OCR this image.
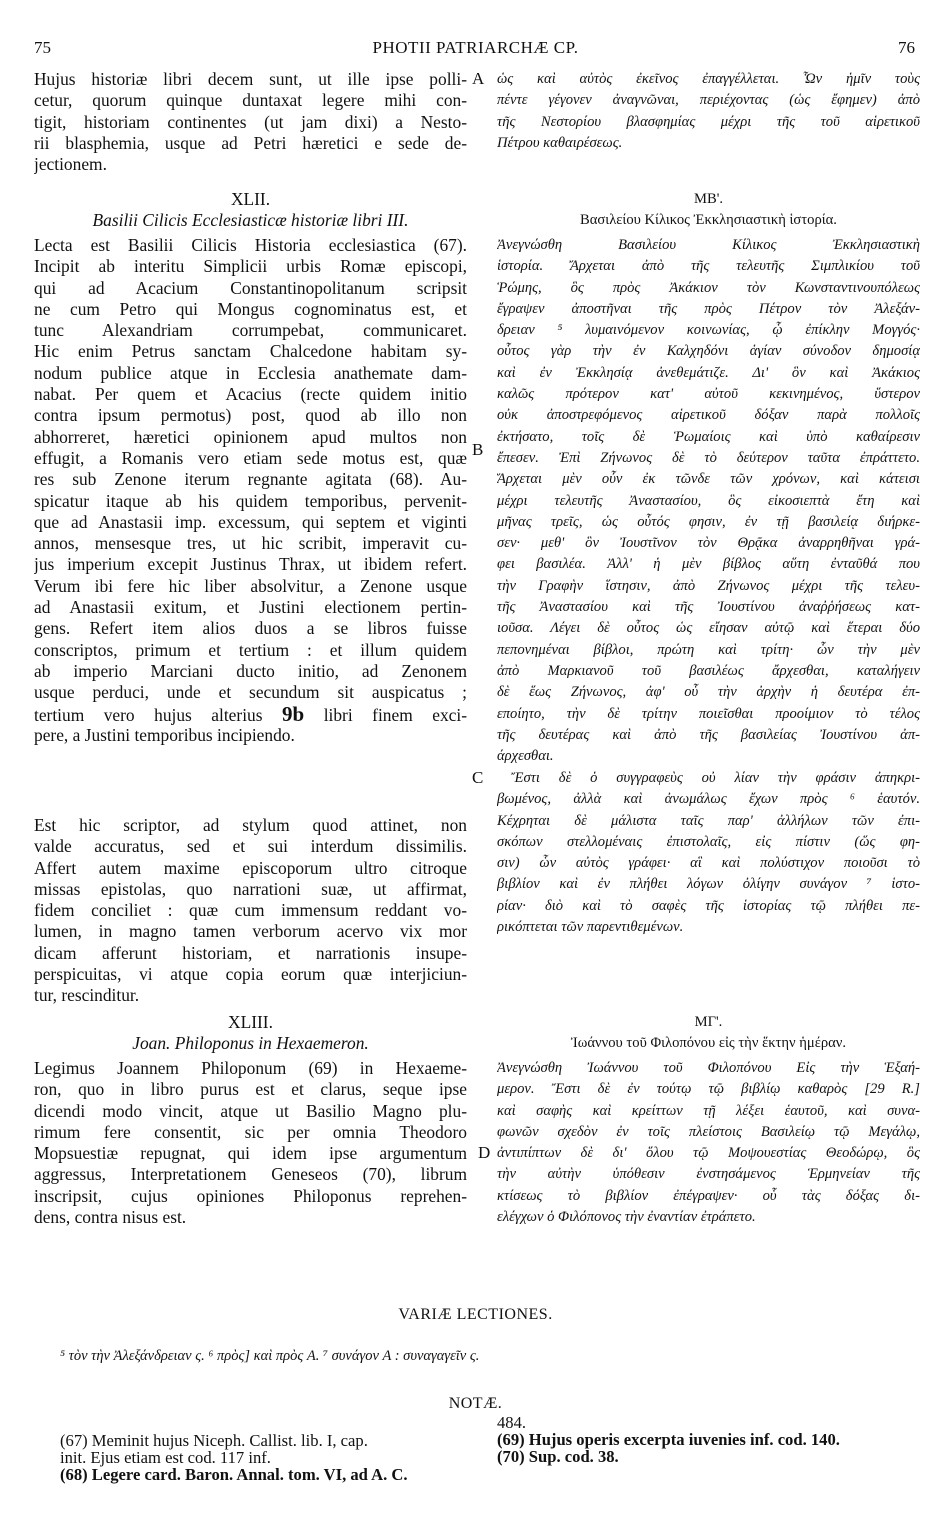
75	PHOTII PATRIARCHÆ CP.	76
A
B
C
D
Hujus historiæ libri decem sunt, ut ille ipse polli-
cetur, quorum quinque duntaxat legere mihi con-
tigit, historiam continentes (ut jam dixi) a Nesto-
rii blasphemia, usque ad Petri hæretici e sede de-
jectionem.
XLII.
Basilii Cilicis Ecclesiasticæ historiæ libri III.
Lecta est Basilii Cilicis Historia ecclesiastica (67).
Incipit ab interitu Simplicii urbis Romæ episcopi,
qui ad Acacium Constantinopolitanum scripsit
ne cum Petro qui Mongus cognominatus est, et
tunc Alexandriam corrumpebat, communicaret.
Hic enim Petrus sanctam Chalcedone habitam sy-
nodum publice atque in Ecclesia anathemate dam-
nabat. Per quem et Acacius (recte quidem initio
contra ipsum permotus) post, quod ab illo non
abhorreret, hæretici opinionem apud multos non
effugit, a Romanis vero etiam sede motus est, quæ
res sub Zenone iterum regnante agitata (68). Au-
spicatur itaque ab his quidem temporibus, pervenit-
que ad Anastasii imp. excessum, qui septem et viginti
annos, mensesque tres, ut hic scribit, imperavit cu-
jus imperium excepit Justinus Thrax, ut ibidem refert.
Verum ibi fere hic liber absolvitur, a Zenone usque
ad Anastasii exitum, et Justini electionem pertin-
gens. Refert item alios duos a se libros fuisse
conscriptos, primum et tertium : et illum quidem
ab imperio Marciani ducto initio, ad Zenonem
usque perduci, unde et secundum sit auspicatus ;
tertium vero hujus alterius 9b libri finem exci-
pere, a Justini temporibus incipiendo.
Est hic scriptor, ad stylum quod attinet, non
valde accuratus, sed et sui interdum dissimilis.
Affert autem maxime episcoporum ultro citroque
missas epistolas, quo narrationi suæ, ut affirmat,
fidem conciliet : quæ cum immensum reddant vo-
lumen, in magno tamen verborum acervo vix mor
dicam afferunt historiam, et narrationis insupe-
perspicuitas, vi atque copia eorum quæ interjiciun-
tur, rescinditur.
XLIII.
Joan. Philoponus in Hexaemeron.
Legimus Joannem Philoponum (69) in Hexaeme-
ron, quo in libro purus est et clarus, seque ipse
dicendi modo vincit, atque ut Basilio Magno plu-
rimum fere consentit, sic per omnia Theodoro
Mopsuestiæ repugnat, qui idem ipse argumentum
aggressus, Interpretationem Geneseos (70), librum
inscripsit, cujus opiniones Philoponus reprehen-
dens, contra nisus est.
ὡς καὶ αὐτὸς ἐκεῖνος ἐπαγγέλλεται. Ὧν ἡμῖν τοὺς
πέντε γέγονεν ἀναγνῶναι, περιέχοντας (ὡς ἔφημεν) ἀπὸ
τῆς Νεστορίου βλασφημίας μέχρι τῆς τοῦ αἱρετικοῦ
Πέτρου καθαιρέσεως.
ΜΒ'.
Βασιλείου Κίλικος Ἐκκλησιαστικὴ ἱστορία.
Ἀνεγνώσθη Βασιλείου Κίλικος Ἐκκλησιαστικὴ
ἱστορία. Ἄρχεται ἀπὸ τῆς τελευτῆς Σιμπλικίου τοῦ
Ῥώμης, ὃς πρὸς Ἀκάκιον τὸν Κωνσταντινουπόλεως
ἔγραψεν ἀποστῆναι τῆς πρὸς Πέτρον τὸν Ἀλεξάν-
δρειαν ⁵ λυμαινόμενον κοινωνίας, ᾧ ἐπίκλην Μογγός·
οὗτος γὰρ τὴν ἐν Καλχηδόνι ἁγίαν σύνοδον δημοσίᾳ
καὶ ἐν Ἐκκλησίᾳ ἀνεθεμάτιζε. Δι' ὃν καὶ Ἀκάκιος
καλῶς πρότερον κατ' αὐτοῦ κεκινημένος, ὕστερον
οὐκ ἀποστρεφόμενος αἱρετικοῦ δόξαν παρὰ πολλοῖς
ἐκτήσατο, τοῖς δὲ Ῥωμαίοις καὶ ὑπὸ καθαίρεσιν
ἔπεσεν. Ἐπὶ Ζήνωνος δὲ τὸ δεύτερον ταῦτα ἐπράττετο.
Ἄρχεται μὲν οὖν ἐκ τῶνδε τῶν χρόνων, καὶ κάτεισι
μέχρι τελευτῆς Ἀναστασίου, ὃς εἰκοσιεπτὰ ἔτη καὶ
μῆνας τρεῖς, ὡς οὗτός φησιν, ἐν τῇ βασιλείᾳ διήρκε-
σεν· μεθ' ὃν Ἰουστῖνον τὸν Θρᾷκα ἀναρρηθῆναι γρά-
φει βασιλέα. Ἀλλ' ἡ μὲν βίβλος αὕτη ἐνταῦθά που
τὴν Γραφὴν ἵστησιν, ἀπὸ Ζήνωνος μέχρι τῆς τελευ-
τῆς Ἀναστασίου καὶ τῆς Ἰουστίνου ἀναῤῥήσεως κατ-
ιοῦσα. Λέγει δὲ οὗτος ὡς εἴησαν αὐτῷ καὶ ἕτεραι δύο
πεπονημέναι βίβλοι, πρώτη καὶ τρίτη· ὧν τὴν μὲν
ἀπὸ Μαρκιανοῦ τοῦ βασιλέως ἄρχεσθαι, καταλήγειν
δὲ ἕως Ζήνωνος, ἀφ' οὗ τὴν ἀρχὴν ἡ δευτέρα ἐπ-
εποίητο, τὴν δὲ τρίτην ποιεῖσθαι προοίμιον τὸ τέλος
τῆς δευτέρας καὶ ἀπὸ τῆς βασιλείας Ἰουστίνου ἀπ-
άρχεσθαι.
Ἔστι δὲ ὁ συγγραφεὺς οὐ λίαν τὴν φράσιν ἀπηκρι-
βωμένος, ἀλλὰ καὶ ἀνωμάλως ἔχων πρὸς ⁶ ἑαυτόν.
Κέχρηται δὲ μάλιστα ταῖς παρ' ἀλλήλων τῶν ἐπι-
σκόπων στελλομέναις ἐπιστολαῖς, εἰς πίστιν (ὥς φη-
σιν) ὧν αὐτὸς γράφει· αἳ καὶ πολύστιχον ποιοῦσι τὸ
βιβλίον καὶ ἐν πλήθει λόγων ὀλίγην συνάγον ⁷ ἱστο-
ρίαν· διὸ καὶ τὸ σαφὲς τῆς ἱστορίας τῷ πλήθει πε-
ρικόπτεται τῶν παρεντιθεμένων.
ΜΓ'.
Ἰωάννου τοῦ Φιλοπόνου εἰς τὴν ἕκτην ἡμέραν.
Ἀνεγνώσθη Ἰωάννου τοῦ Φιλοπόνου Εἰς τὴν Ἑξαή-
μερον. Ἔστι δὲ ἐν τούτῳ τῷ βιβλίῳ καθαρὸς [29 R.]
καὶ σαφὴς καὶ κρείττων τῇ λέξει ἑαυτοῦ, καὶ συνα-
φωνῶν σχεδὸν ἐν τοῖς πλείστοις Βασιλείῳ τῷ Μεγάλῳ,
ἀντιπίπτων δὲ δι' ὅλου τῷ Μοψουεστίας Θεοδώρῳ, ὃς
τὴν αὐτὴν ὑπόθεσιν ἐνστησάμενος Ἑρμηνείαν τῆς
κτίσεως τὸ βιβλίον ἐπέγραψεν· οὗ τὰς δόξας δι-
ελέγχων ὁ Φιλόπονος τὴν ἐναντίαν ἐτράπετο.
VARIÆ LECTIONES.
⁵ τὸν τὴν Ἀλεξάνδρειαν ς. ⁶ πρὸς] καὶ πρὸς A. ⁷ συνάγον A : συναγαγεῖν ς.
NOTÆ.
(67) Meminit hujus Niceph. Callist. lib. I, cap.
init. Ejus etiam est cod. 117 inf.
(68) Legere card. Baron. Annal. tom. VI, ad A. C.
484.
(69) Hujus operis excerpta iuvenies inf. cod. 140.
(70) Sup. cod. 38.
